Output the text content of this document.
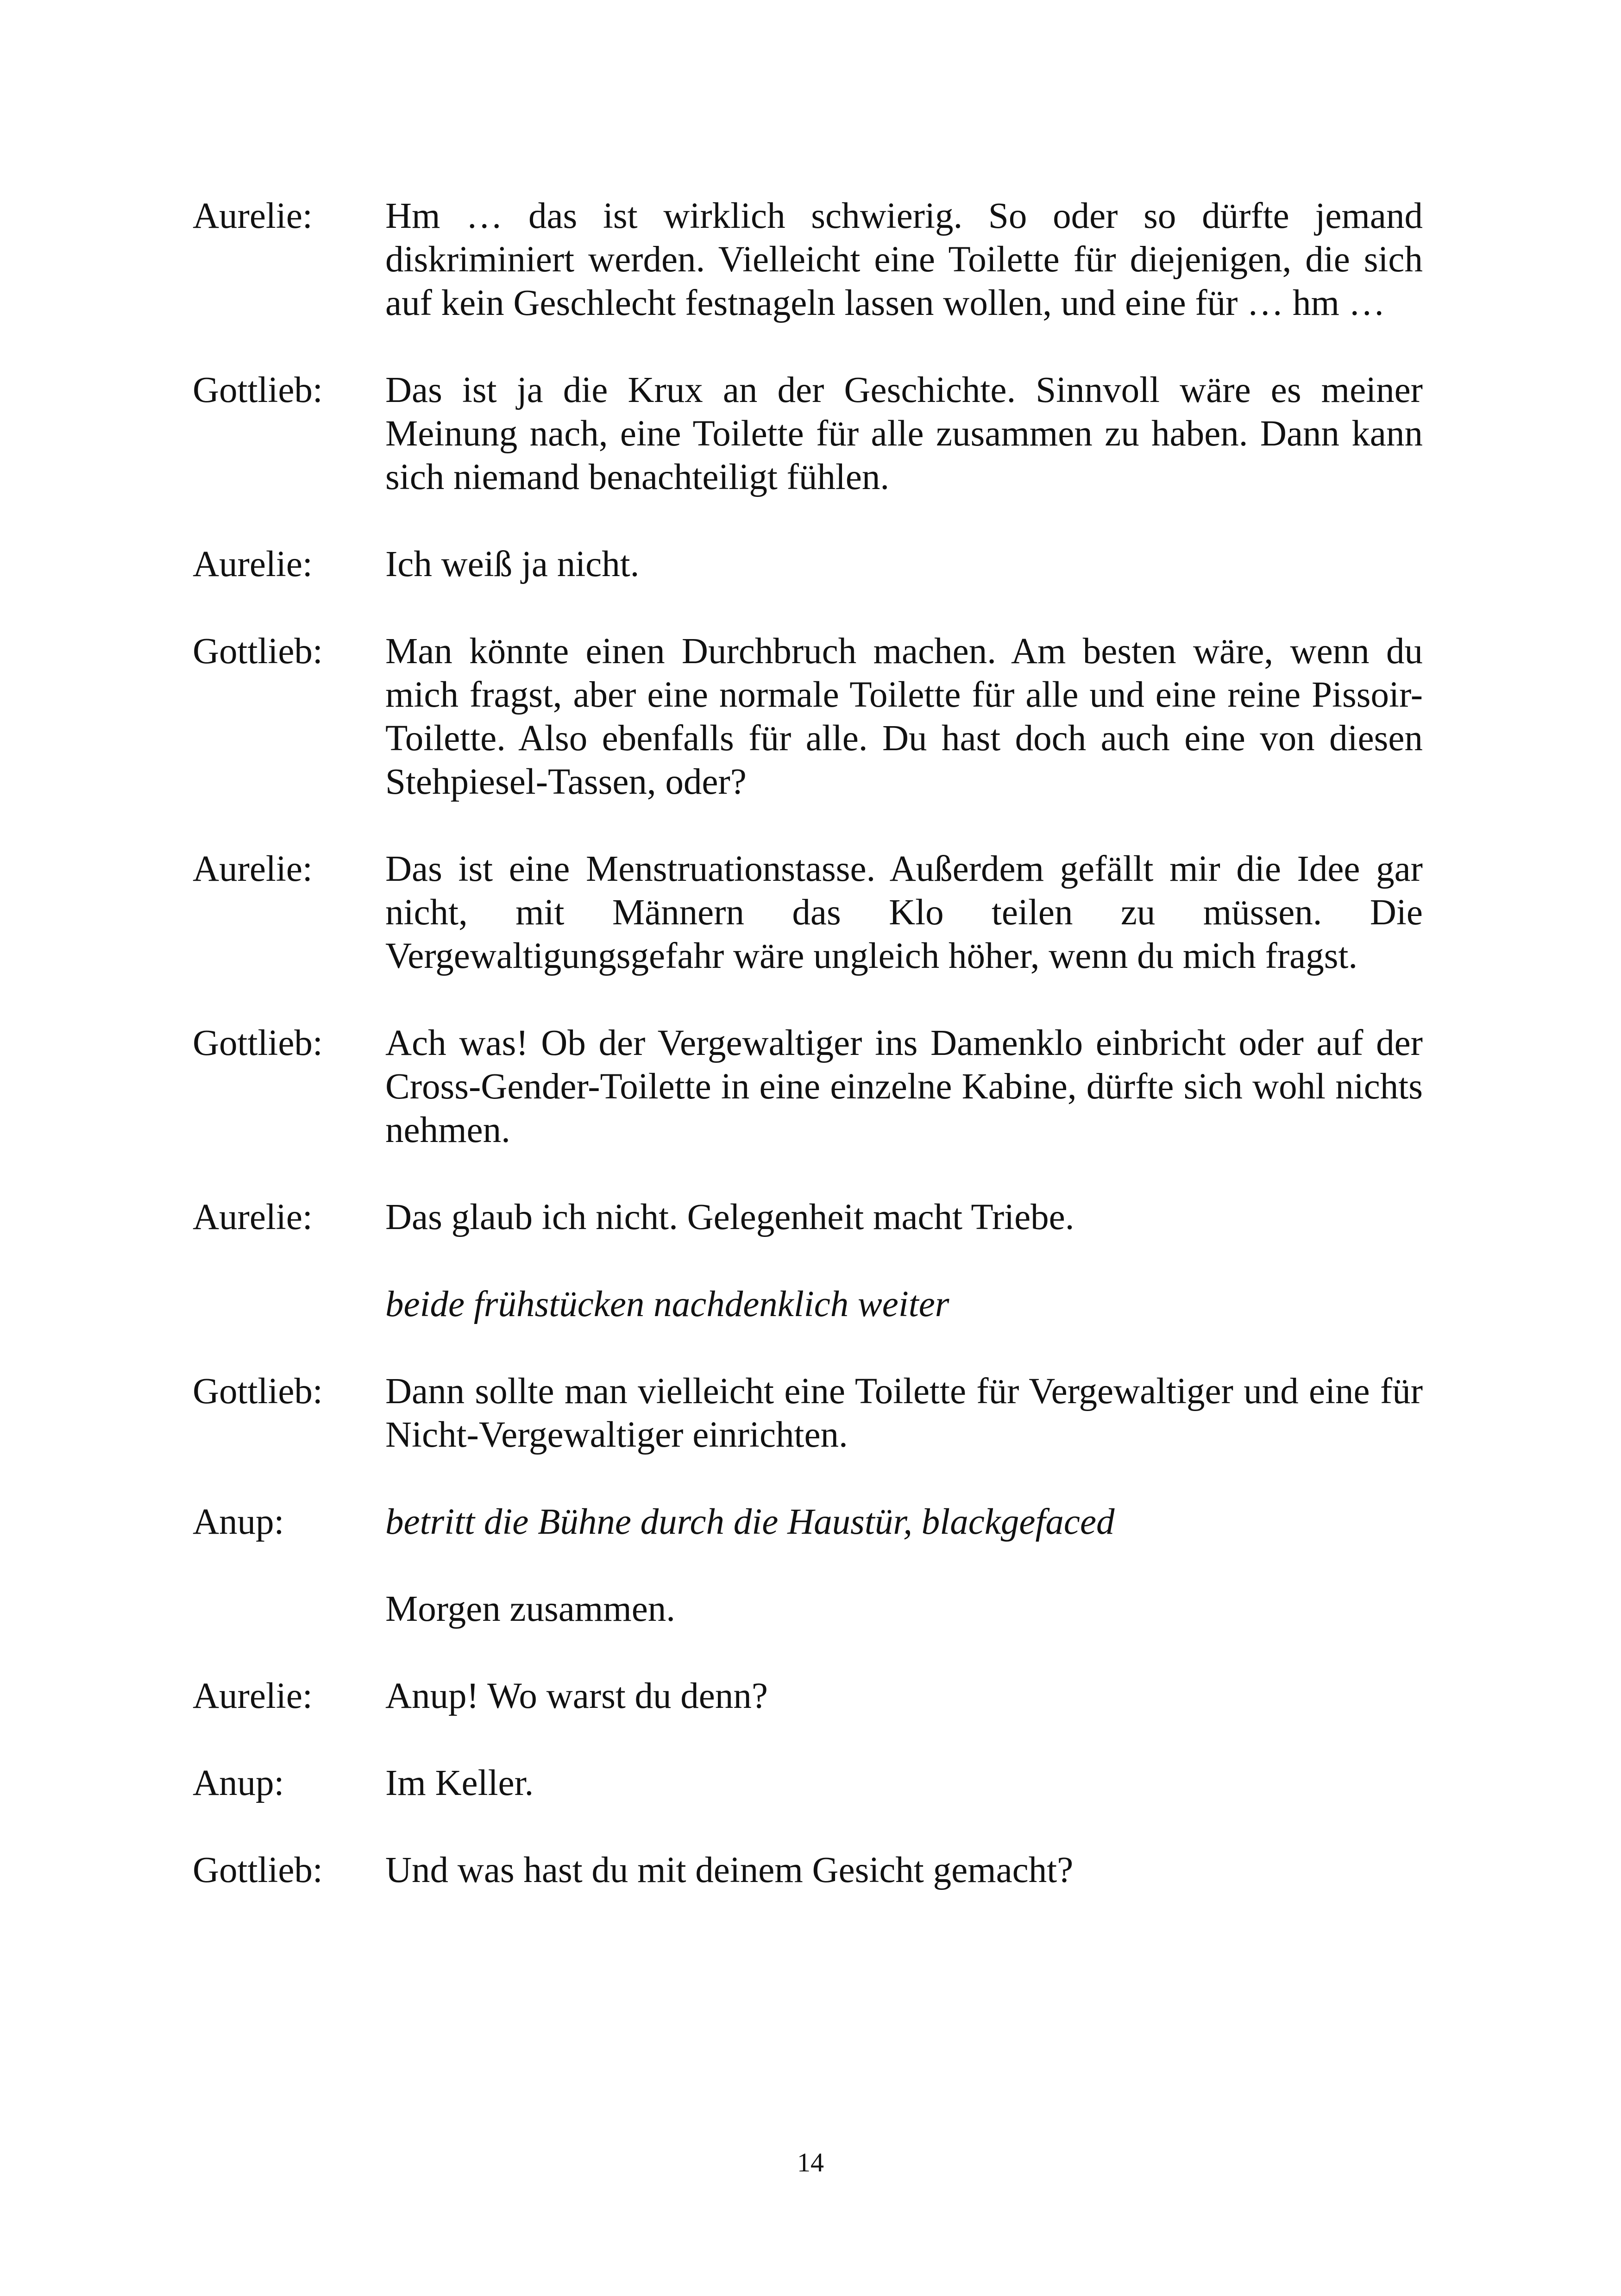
Aurelie:	Hm … das ist wirklich schwierig. So oder so dürfte jemand diskriminiert werden. Vielleicht eine Toilette für diejenigen, die sich auf kein Geschlecht festnageln lassen wollen, und eine für … hm …

Gottlieb:	Das ist ja die Krux an der Geschichte. Sinnvoll wäre es meiner Meinung nach, eine Toilette für alle zusammen zu haben. Dann kann sich niemand benachteiligt fühlen.

Aurelie:	Ich weiß ja nicht.

Gottlieb:	Man könnte einen Durchbruch machen. Am besten wäre, wenn du mich fragst, aber eine normale Toilette für alle und eine reine Pissoir-Toilette. Also ebenfalls für alle. Du hast doch auch eine von diesen Stehpiesel-Tassen, oder?

Aurelie:	Das ist eine Menstruationstasse. Außerdem gefällt mir die Idee gar nicht, mit Männern das Klo teilen zu müssen. Die Vergewaltigungsgefahr wäre ungleich höher, wenn du mich fragst.

Gottlieb:	Ach was! Ob der Vergewaltiger ins Damenklo einbricht oder auf der Cross-Gender-Toilette in eine einzelne Kabine, dürfte sich wohl nichts nehmen.

Aurelie:	Das glaub ich nicht. Gelegenheit macht Triebe.

beide frühstücken nachdenklich weiter

Gottlieb:	Dann sollte man vielleicht eine Toilette für Vergewaltiger und eine für Nicht-Vergewaltiger einrichten.

Anup:	betritt die Bühne durch die Haustür, blackgefaced

Morgen zusammen.

Aurelie:	Anup! Wo warst du denn?

Anup:	Im Keller.

Gottlieb:	Und was hast du mit deinem Gesicht gemacht?

14
